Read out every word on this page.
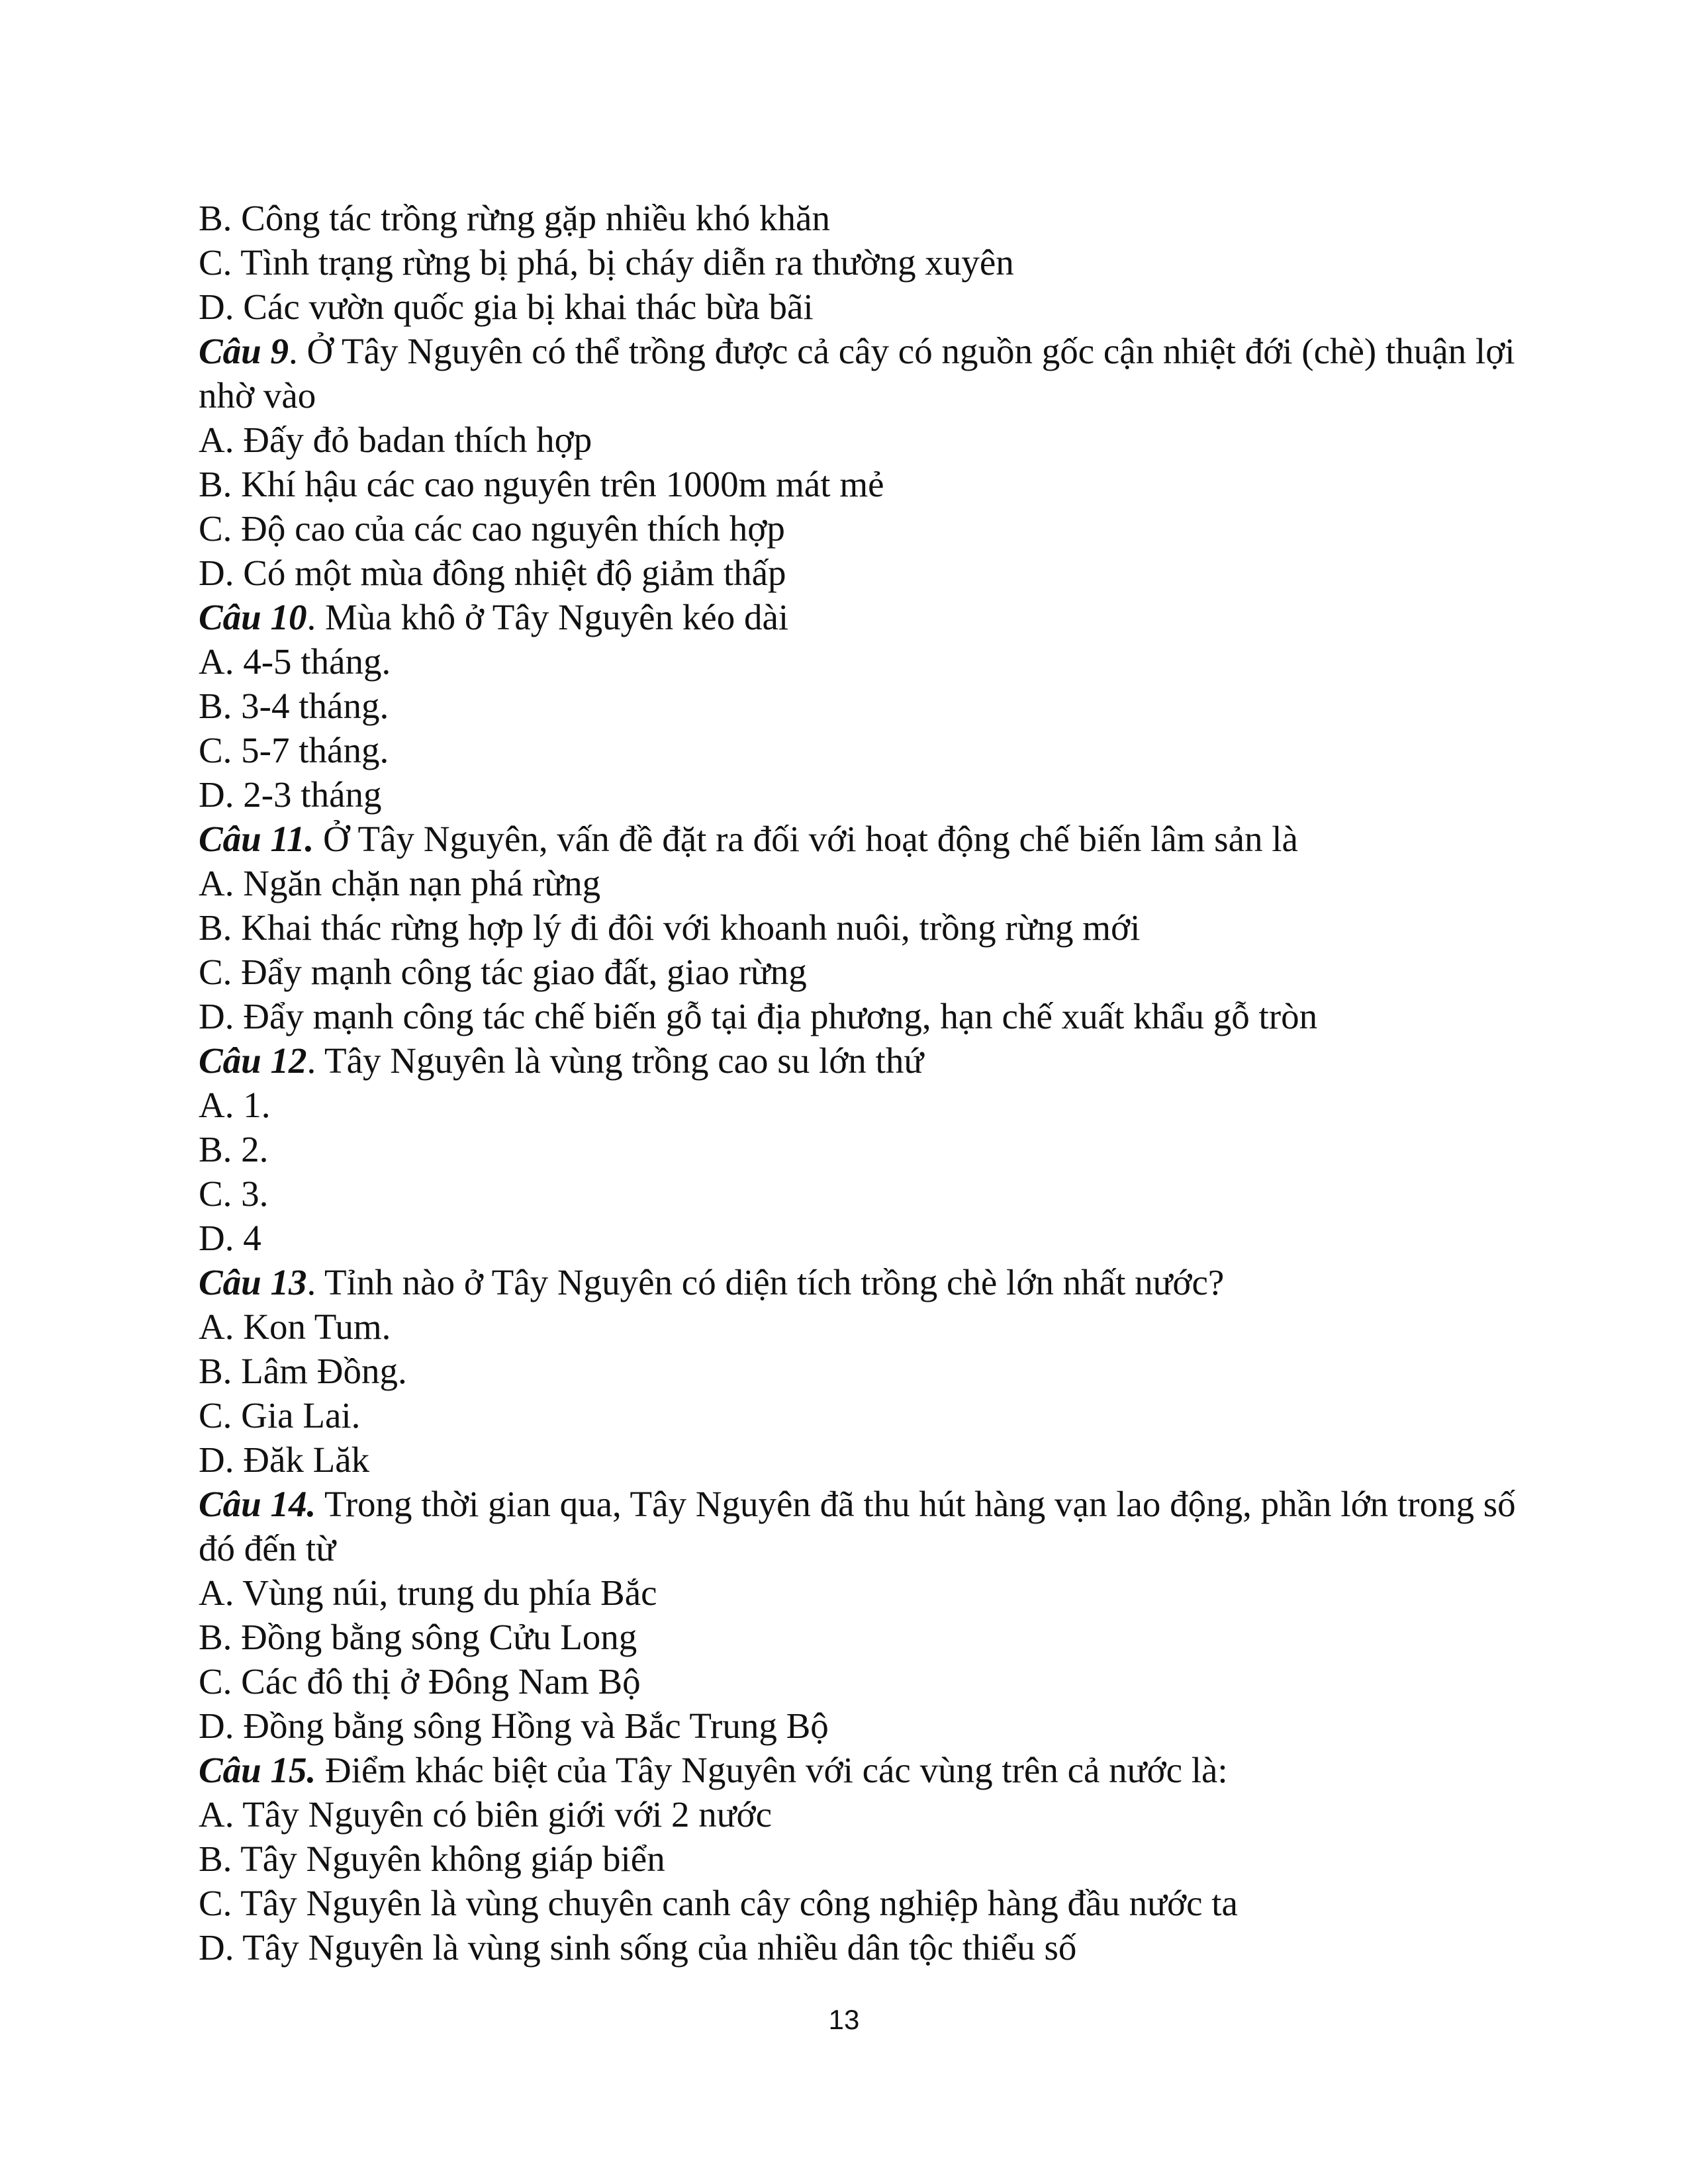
B. Công tác trồng rừng gặp nhiều khó khăn
C. Tình trạng rừng bị phá, bị cháy diễn ra thường xuyên
D. Các vườn quốc gia bị khai thác bừa bãi
Câu 9. Ở Tây Nguyên có thể trồng được cả cây có nguồn gốc cận nhiệt đới (chè) thuận lợi nhờ vào
A. Đấy đỏ badan thích hợp
B. Khí hậu các cao nguyên trên 1000m mát mẻ
C. Độ cao của các cao nguyên thích hợp
D. Có một mùa đông nhiệt độ giảm thấp
Câu 10. Mùa khô ở Tây Nguyên kéo dài
A. 4-5 tháng.
B. 3-4 tháng.
C. 5-7 tháng.
D. 2-3 tháng
Câu 11. Ở Tây Nguyên, vấn đề đặt ra đối với hoạt động chế biến lâm sản là
A. Ngăn chặn nạn phá rừng
B. Khai thác rừng hợp lý đi đôi với khoanh nuôi, trồng rừng mới
C. Đẩy mạnh công tác giao đất, giao rừng
D. Đẩy mạnh công tác chế biến gỗ tại địa phương, hạn chế xuất khẩu gỗ tròn
Câu 12. Tây Nguyên là vùng trồng cao su lớn thứ
A. 1.
B. 2.
C. 3.
D. 4
Câu 13. Tỉnh nào ở Tây Nguyên có diện tích trồng chè lớn nhất nước?
A. Kon Tum.
B. Lâm Đồng.
C. Gia Lai.
D. Đăk Lăk
Câu 14. Trong thời gian qua, Tây Nguyên đã thu hút hàng vạn lao động, phần lớn trong số đó đến từ
A. Vùng núi, trung du phía Bắc
B. Đồng bằng sông Cửu Long
C. Các đô thị ở Đông Nam Bộ
D. Đồng bằng sông Hồng và Bắc Trung Bộ
Câu 15. Điểm khác biệt của Tây Nguyên với các vùng trên cả nước là:
A. Tây Nguyên có biên giới với 2 nước
B. Tây Nguyên không giáp biển
C. Tây Nguyên là vùng chuyên canh cây công nghiệp hàng đầu nước ta
D. Tây Nguyên là vùng sinh sống của nhiều dân tộc thiểu số
13
